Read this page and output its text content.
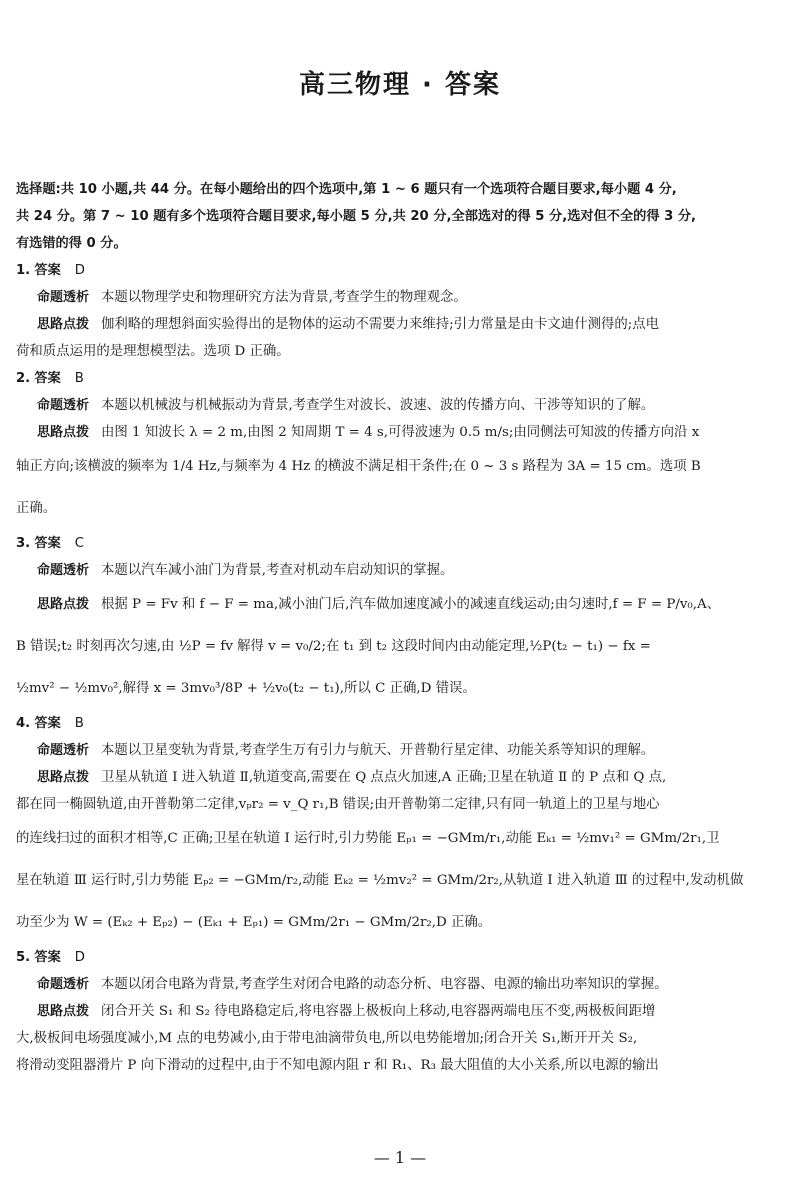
高三物理 · 答案

选择题:共 10 小题,共 44 分。在每小题给出的四个选项中,第 1 ~ 6 题只有一个选项符合题目要求,每小题 4 分,

共 24 分。第 7 ~ 10 题有多个选项符合题目要求,每小题 5 分,共 20 分,全部选对的得 5 分,选对但不全的得 3 分,

有选错的得 0 分。

1. 答案 D

命题透析 本题以物理学史和物理研究方法为背景,考查学生的物理观念。

思路点拨 伽利略的理想斜面实验得出的是物体的运动不需要力来维持;引力常量是由卡文迪什测得的;点电

荷和质点运用的是理想模型法。选项 D 正确。

2. 答案 B

命题透析 本题以机械波与机械振动为背景,考查学生对波长、波速、波的传播方向、干涉等知识的了解。

思路点拨 由图 1 知波长 λ = 2 m,由图 2 知周期 T = 4 s,可得波速为 0.5 m/s;由同侧法可知波的传播方向沿 x

轴正方向;该横波的频率为 1/4 Hz,与频率为 4 Hz 的横波不满足相干条件;在 0 ~ 3 s 路程为 3A = 15 cm。选项 B

正确。

3. 答案 C

命题透析 本题以汽车减小油门为背景,考查对机动车启动知识的掌握。

思路点拨 根据 P = Fv 和 f − F = ma,减小油门后,汽车做加速度减小的减速直线运动;由匀速时,f = F = P/v₀,A、

B 错误;t₂ 时刻再次匀速,由 ½P = fv 解得 v = v₀/2;在 t₁ 到 t₂ 这段时间内由动能定理,½P(t₂ − t₁) − fx =

½mv² − ½mv₀²,解得 x = 3mv₀³/8P + ½v₀(t₂ − t₁),所以 C 正确,D 错误。

4. 答案 B

命题透析 本题以卫星变轨为背景,考查学生万有引力与航天、开普勒行星定律、功能关系等知识的理解。

思路点拨 卫星从轨道 Ⅰ 进入轨道 Ⅱ,轨道变高,需要在 Q 点点火加速,A 正确;卫星在轨道 Ⅱ 的 P 点和 Q 点,

都在同一椭圆轨道,由开普勒第二定律,vₚr₂ = v_Q r₁,B 错误;由开普勒第二定律,只有同一轨道上的卫星与地心

的连线扫过的面积才相等,C 正确;卫星在轨道 Ⅰ 运行时,引力势能 Eₚ₁ = −GMm/r₁,动能 Eₖ₁ = ½mv₁² = GMm/2r₁,卫

星在轨道 Ⅲ 运行时,引力势能 Eₚ₂ = −GMm/r₂,动能 Eₖ₂ = ½mv₂² = GMm/2r₂,从轨道 Ⅰ 进入轨道 Ⅲ 的过程中,发动机做

功至少为 W = (Eₖ₂ + Eₚ₂) − (Eₖ₁ + Eₚ₁) = GMm/2r₁ − GMm/2r₂,D 正确。

5. 答案 D

命题透析 本题以闭合电路为背景,考查学生对闭合电路的动态分析、电容器、电源的输出功率知识的掌握。

思路点拨 闭合开关 S₁ 和 S₂ 待电路稳定后,将电容器上极板向上移动,电容器两端电压不变,两极板间距增

大,极板间电场强度减小,M 点的电势减小,由于带电油滴带负电,所以电势能增加;闭合开关 S₁,断开开关 S₂,

将滑动变阻器滑片 P 向下滑动的过程中,由于不知电源内阻 r 和 R₁、R₃ 最大阻值的大小关系,所以电源的输出

— 1 —
